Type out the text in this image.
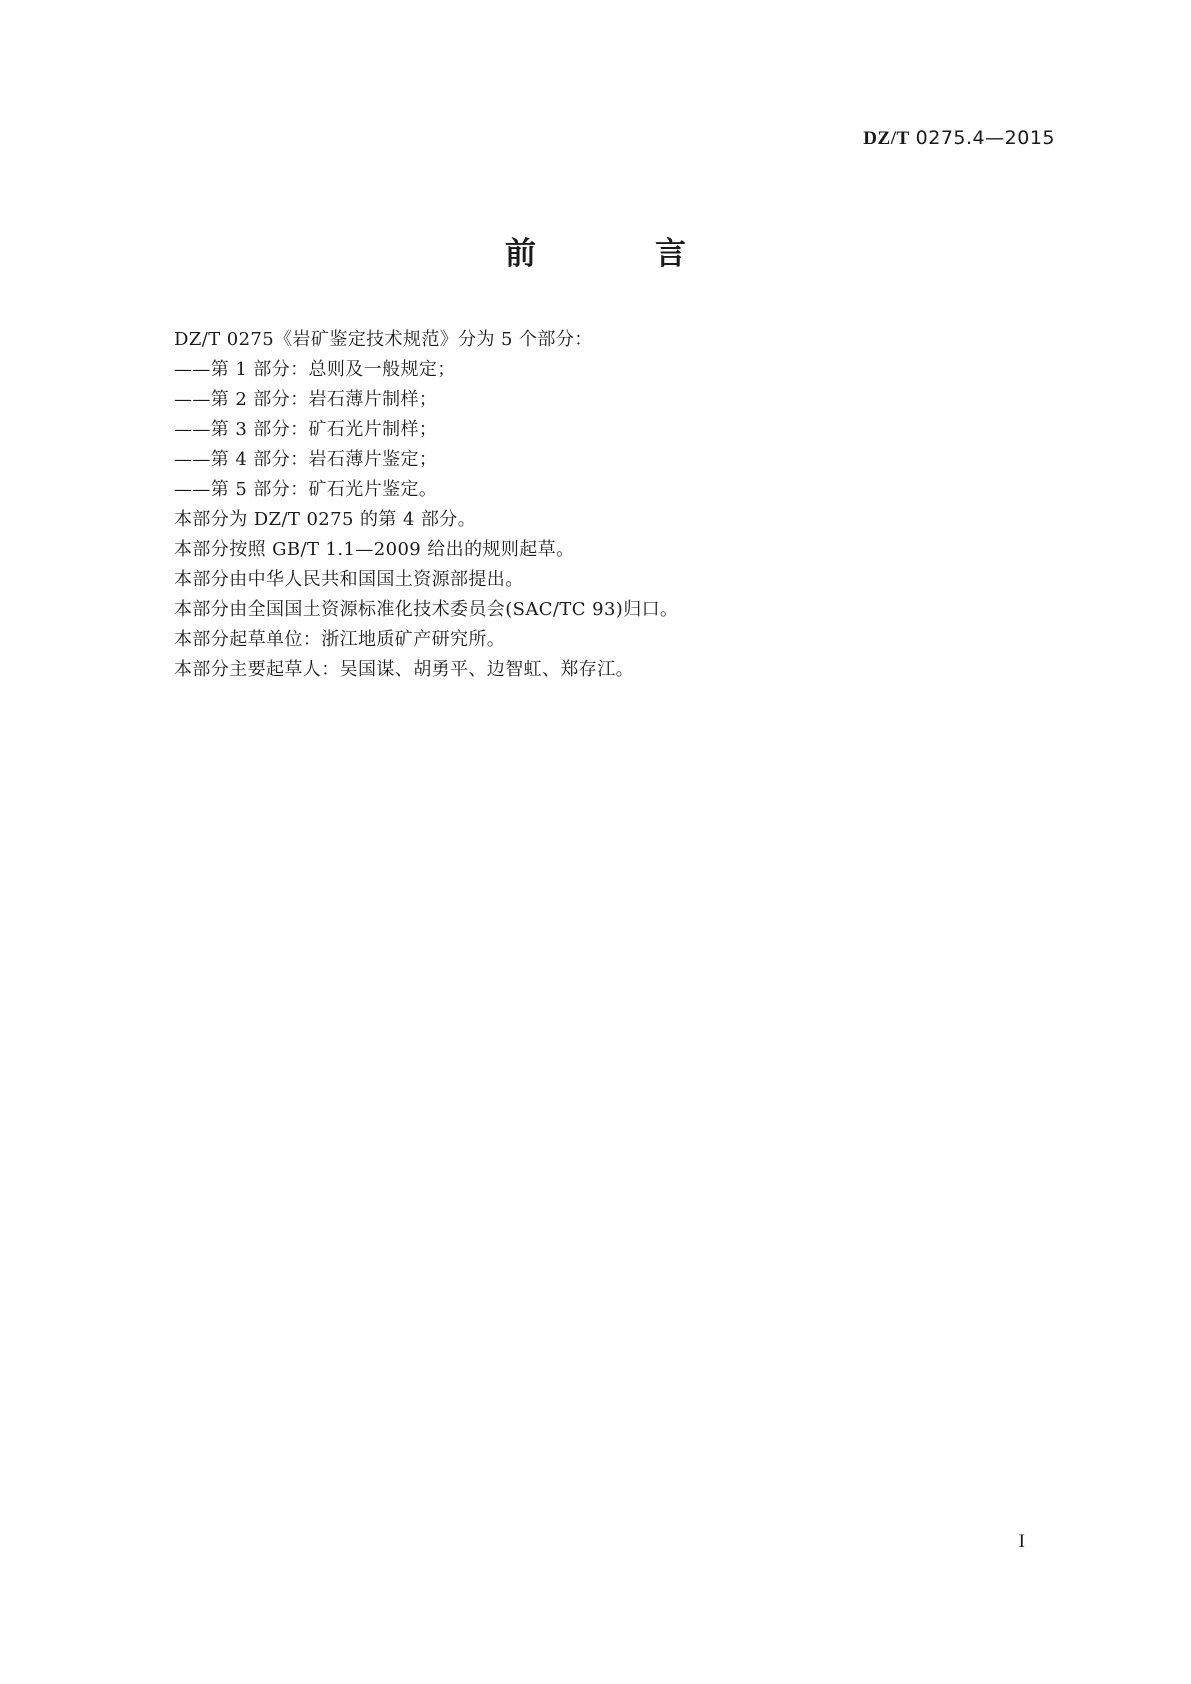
DZ/T 0275.4—2015
前　言
DZ/T 0275《岩矿鉴定技术规范》分为 5 个部分：
——第 1 部分：总则及一般规定；
——第 2 部分：岩石薄片制样；
——第 3 部分：矿石光片制样；
——第 4 部分：岩石薄片鉴定；
——第 5 部分：矿石光片鉴定。
本部分为 DZ/T 0275 的第 4 部分。
本部分按照 GB/T 1.1—2009 给出的规则起草。
本部分由中华人民共和国国土资源部提出。
本部分由全国国土资源标准化技术委员会(SAC/TC 93)归口。
本部分起草单位：浙江地质矿产研究所。
本部分主要起草人：吴国谋、胡勇平、边智虹、郑存江。
I
